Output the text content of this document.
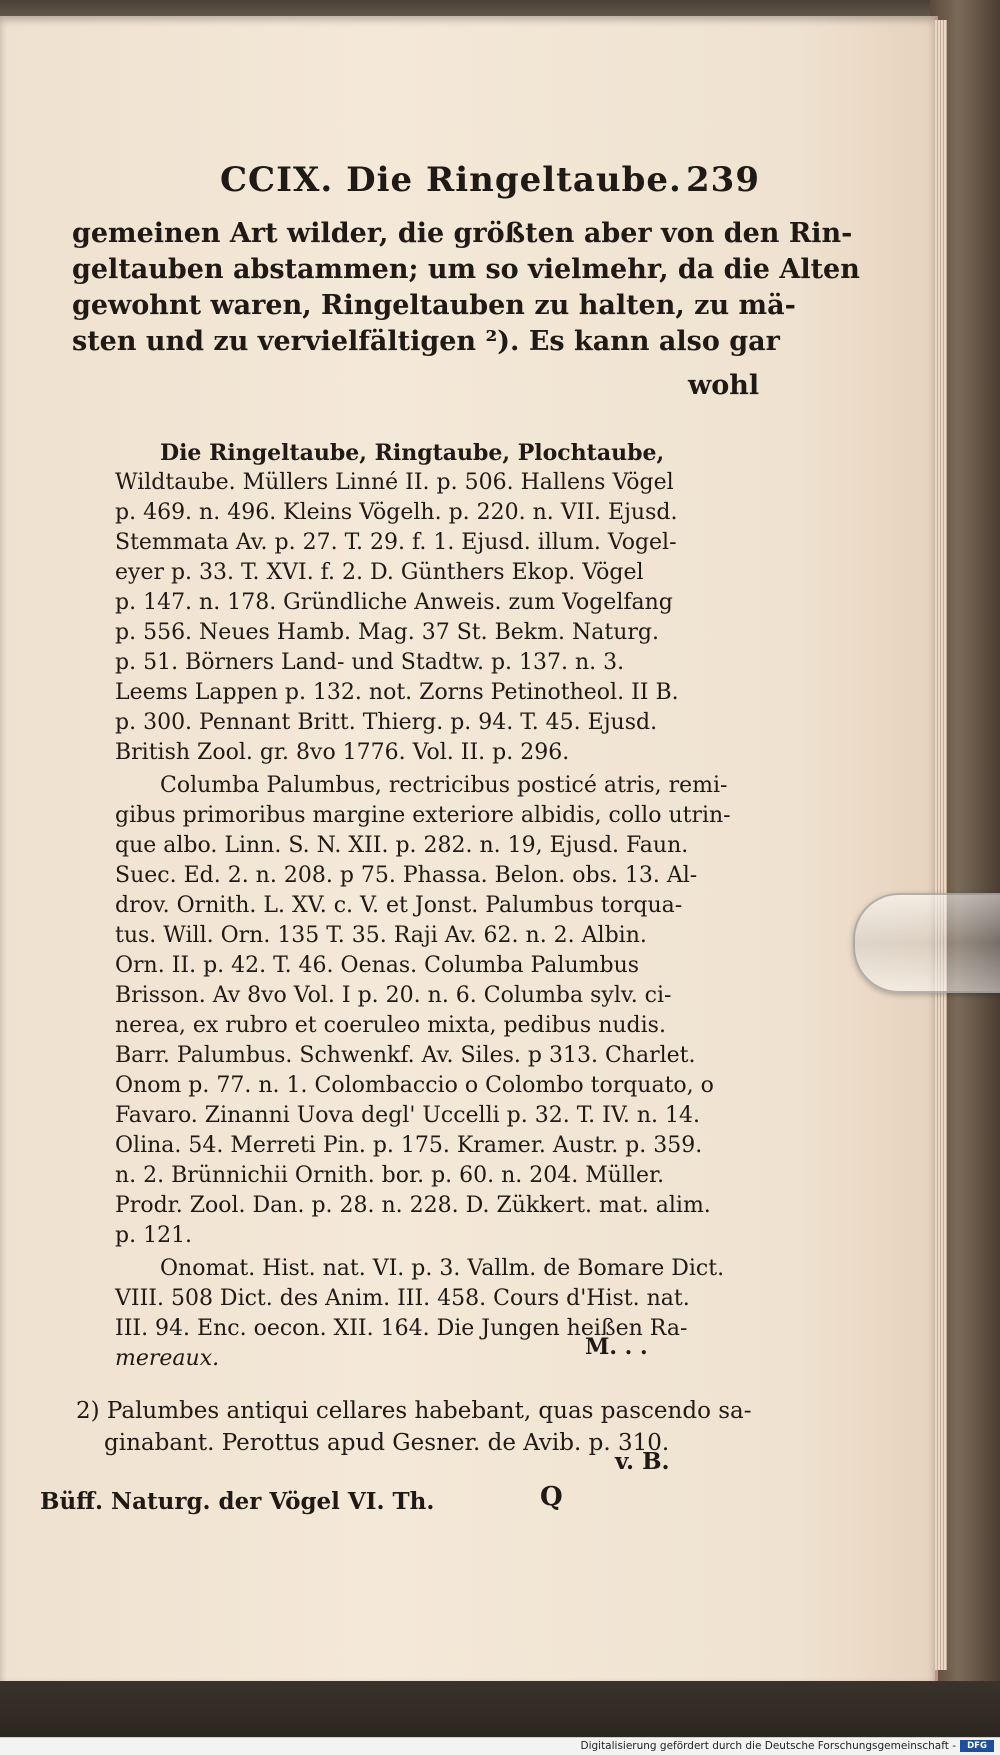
CCIX. Die Ringeltaube. 239
gemeinen Art wilder, die größten aber von den Rin-
geltauben abstammen; um so vielmehr, da die Alten
gewohnt waren, Ringeltauben zu halten, zu mä-
sten und zu vervielfältigen ²). Es kann also gar
wohl
Die Ringeltaube, Ringtaube, Plochtaube,
Wildtaube. Müllers Linné II. p. 506. Hallens Vögel
p. 469. n. 496. Kleins Vögelh. p. 220. n. VII. Ejusd.
Stemmata Av. p. 27. T. 29. f. 1. Ejusd. illum. Vogel-
eyer p. 33. T. XVI. f. 2. D. Günthers Ekop. Vögel
p. 147. n. 178. Gründliche Anweis. zum Vogelfang
p. 556. Neues Hamb. Mag. 37 St. Bekm. Naturg.
p. 51. Börners Land- und Stadtw. p. 137. n. 3.
Leems Lappen p. 132. not. Zorns Petinotheol. II B.
p. 300. Pennant Britt. Thierg. p. 94. T. 45. Ejusd.
British Zool. gr. 8vo 1776. Vol. II. p. 296.
Columba Palumbus, rectricibus posticé atris, remi-
gibus primoribus margine exteriore albidis, collo utrin-
que albo. Linn. S. N. XII. p. 282. n. 19, Ejusd. Faun.
Suec. Ed. 2. n. 208. p 75. Phassa. Belon. obs. 13. Al-
drov. Ornith. L. XV. c. V. et Jonst. Palumbus torqua-
tus. Will. Orn. 135 T. 35. Raji Av. 62. n. 2. Albin.
Orn. II. p. 42. T. 46. Oenas. Columba Palumbus
Brisson. Av 8vo Vol. I p. 20. n. 6. Columba sylv. ci-
nerea, ex rubro et coeruleo mixta, pedibus nudis.
Barr. Palumbus. Schwenkf. Av. Siles. p 313. Charlet.
Onom p. 77. n. 1. Colombaccio o Colombo torquato, o
Favaro. Zinanni Uova degl' Uccelli p. 32. T. IV. n. 14.
Olina. 54. Merreti Pin. p. 175. Kramer. Austr. p. 359.
n. 2. Brünnichii Ornith. bor. p. 60. n. 204. Müller.
Prodr. Zool. Dan. p. 28. n. 228. D. Zükkert. mat. alim.
p. 121.
Onomat. Hist. nat. VI. p. 3. Vallm. de Bomare Dict.
VIII. 508 Dict. des Anim. III. 458. Cours d'Hist. nat.
III. 94. Enc. oecon. XII. 164. Die Jungen heißen Ra-
mereaux.	M. . .
2) Palumbes antiqui cellares habebant, quas pascendo sa-
ginabant. Perottus apud Gesner. de Avib. p. 310.
v. B.
Büff. Naturg. der Vögel VI. Th.	Q
Digitalisierung gefördert durch die Deutsche Forschungsgemeinschaft -	DFG
